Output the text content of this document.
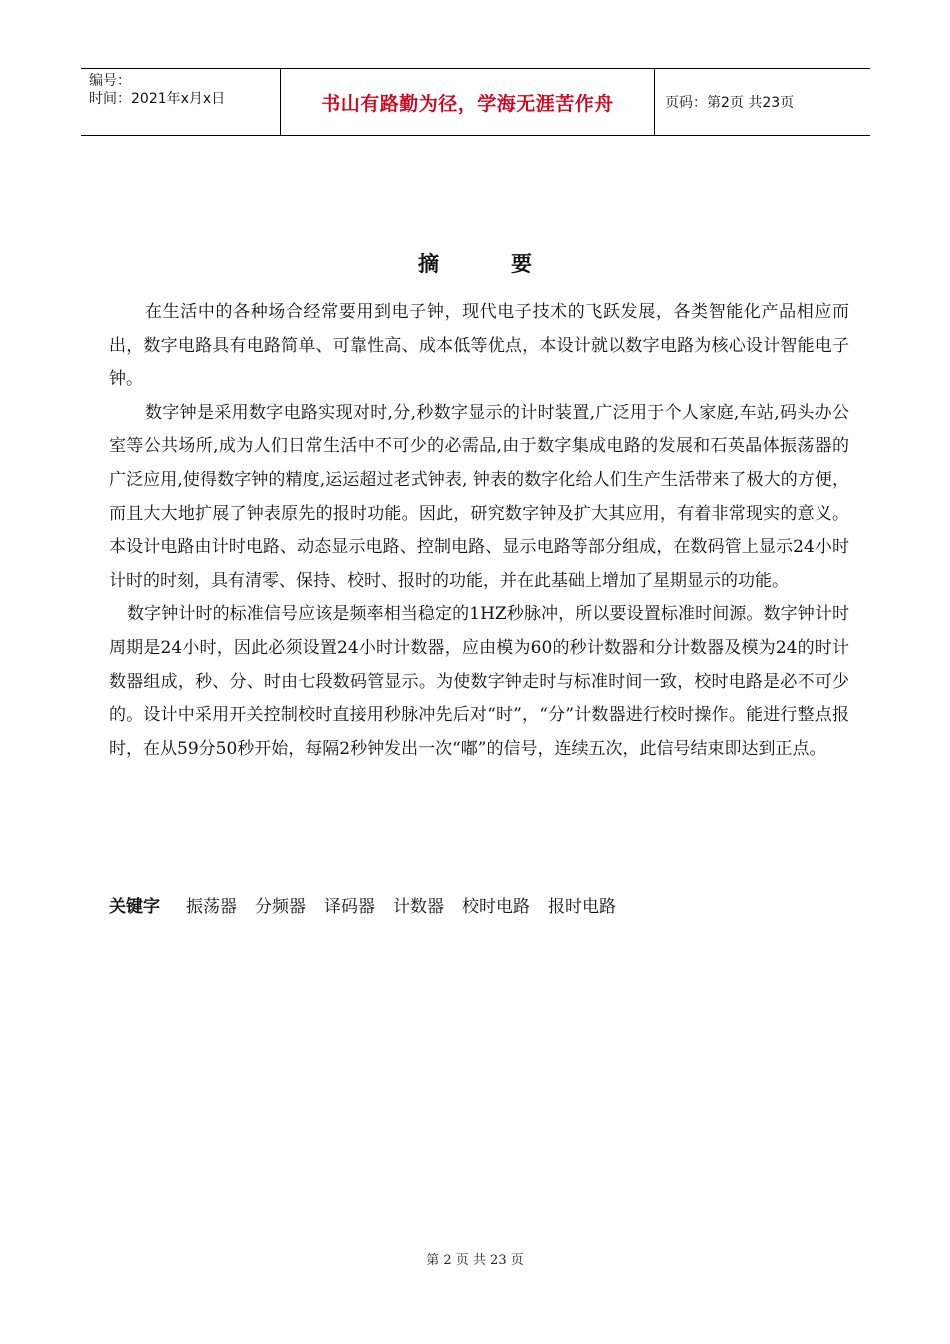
编号：
时间：2021年x月x日	书山有路勤为径，学海无涯苦作舟	页码：第2页 共23页
摘	要

在生活中的各种场合经常要用到电子钟，现代电子技术的飞跃发展，各类智能化产品相应而出，数字电路具有电路简单、可靠性高、成本低等优点，本设计就以数字电路为核心设计智能电子钟。

数字钟是采用数字电路实现对时,分,秒数字显示的计时装置,广泛用于个人家庭,车站,码头办公室等公共场所,成为人们日常生活中不可少的必需品,由于数字集成电路的发展和石英晶体振荡器的广泛应用,使得数字钟的精度,运运超过老式钟表, 钟表的数字化给人们生产生活带来了极大的方便，而且大大地扩展了钟表原先的报时功能。因此，研究数字钟及扩大其应用，有着非常现实的意义。本设计电路由计时电路、动态显示电路、控制电路、显示电路等部分组成，在数码管上显示24小时计时的时刻，具有清零、保持、校时、报时的功能，并在此基础上增加了星期显示的功能。

数字钟计时的标准信号应该是频率相当稳定的1HZ秒脉冲，所以要设置标准时间源。数字钟计时周期是24小时，因此必须设置24小时计数器，应由模为60的秒计数器和分计数器及模为24的时计数器组成，秒、分、时由七段数码管显示。为使数字钟走时与标准时间一致，校时电路是必不可少的。设计中采用开关控制校时直接用秒脉冲先后对“时”，“分”计数器进行校时操作。能进行整点报时，在从59分50秒开始，每隔2秒钟发出一次“嘟”的信号，连续五次，此信号结束即达到正点。

关键字 振荡器 分频器 译码器 计数器 校时电路 报时电路
第 2 页 共 23 页
